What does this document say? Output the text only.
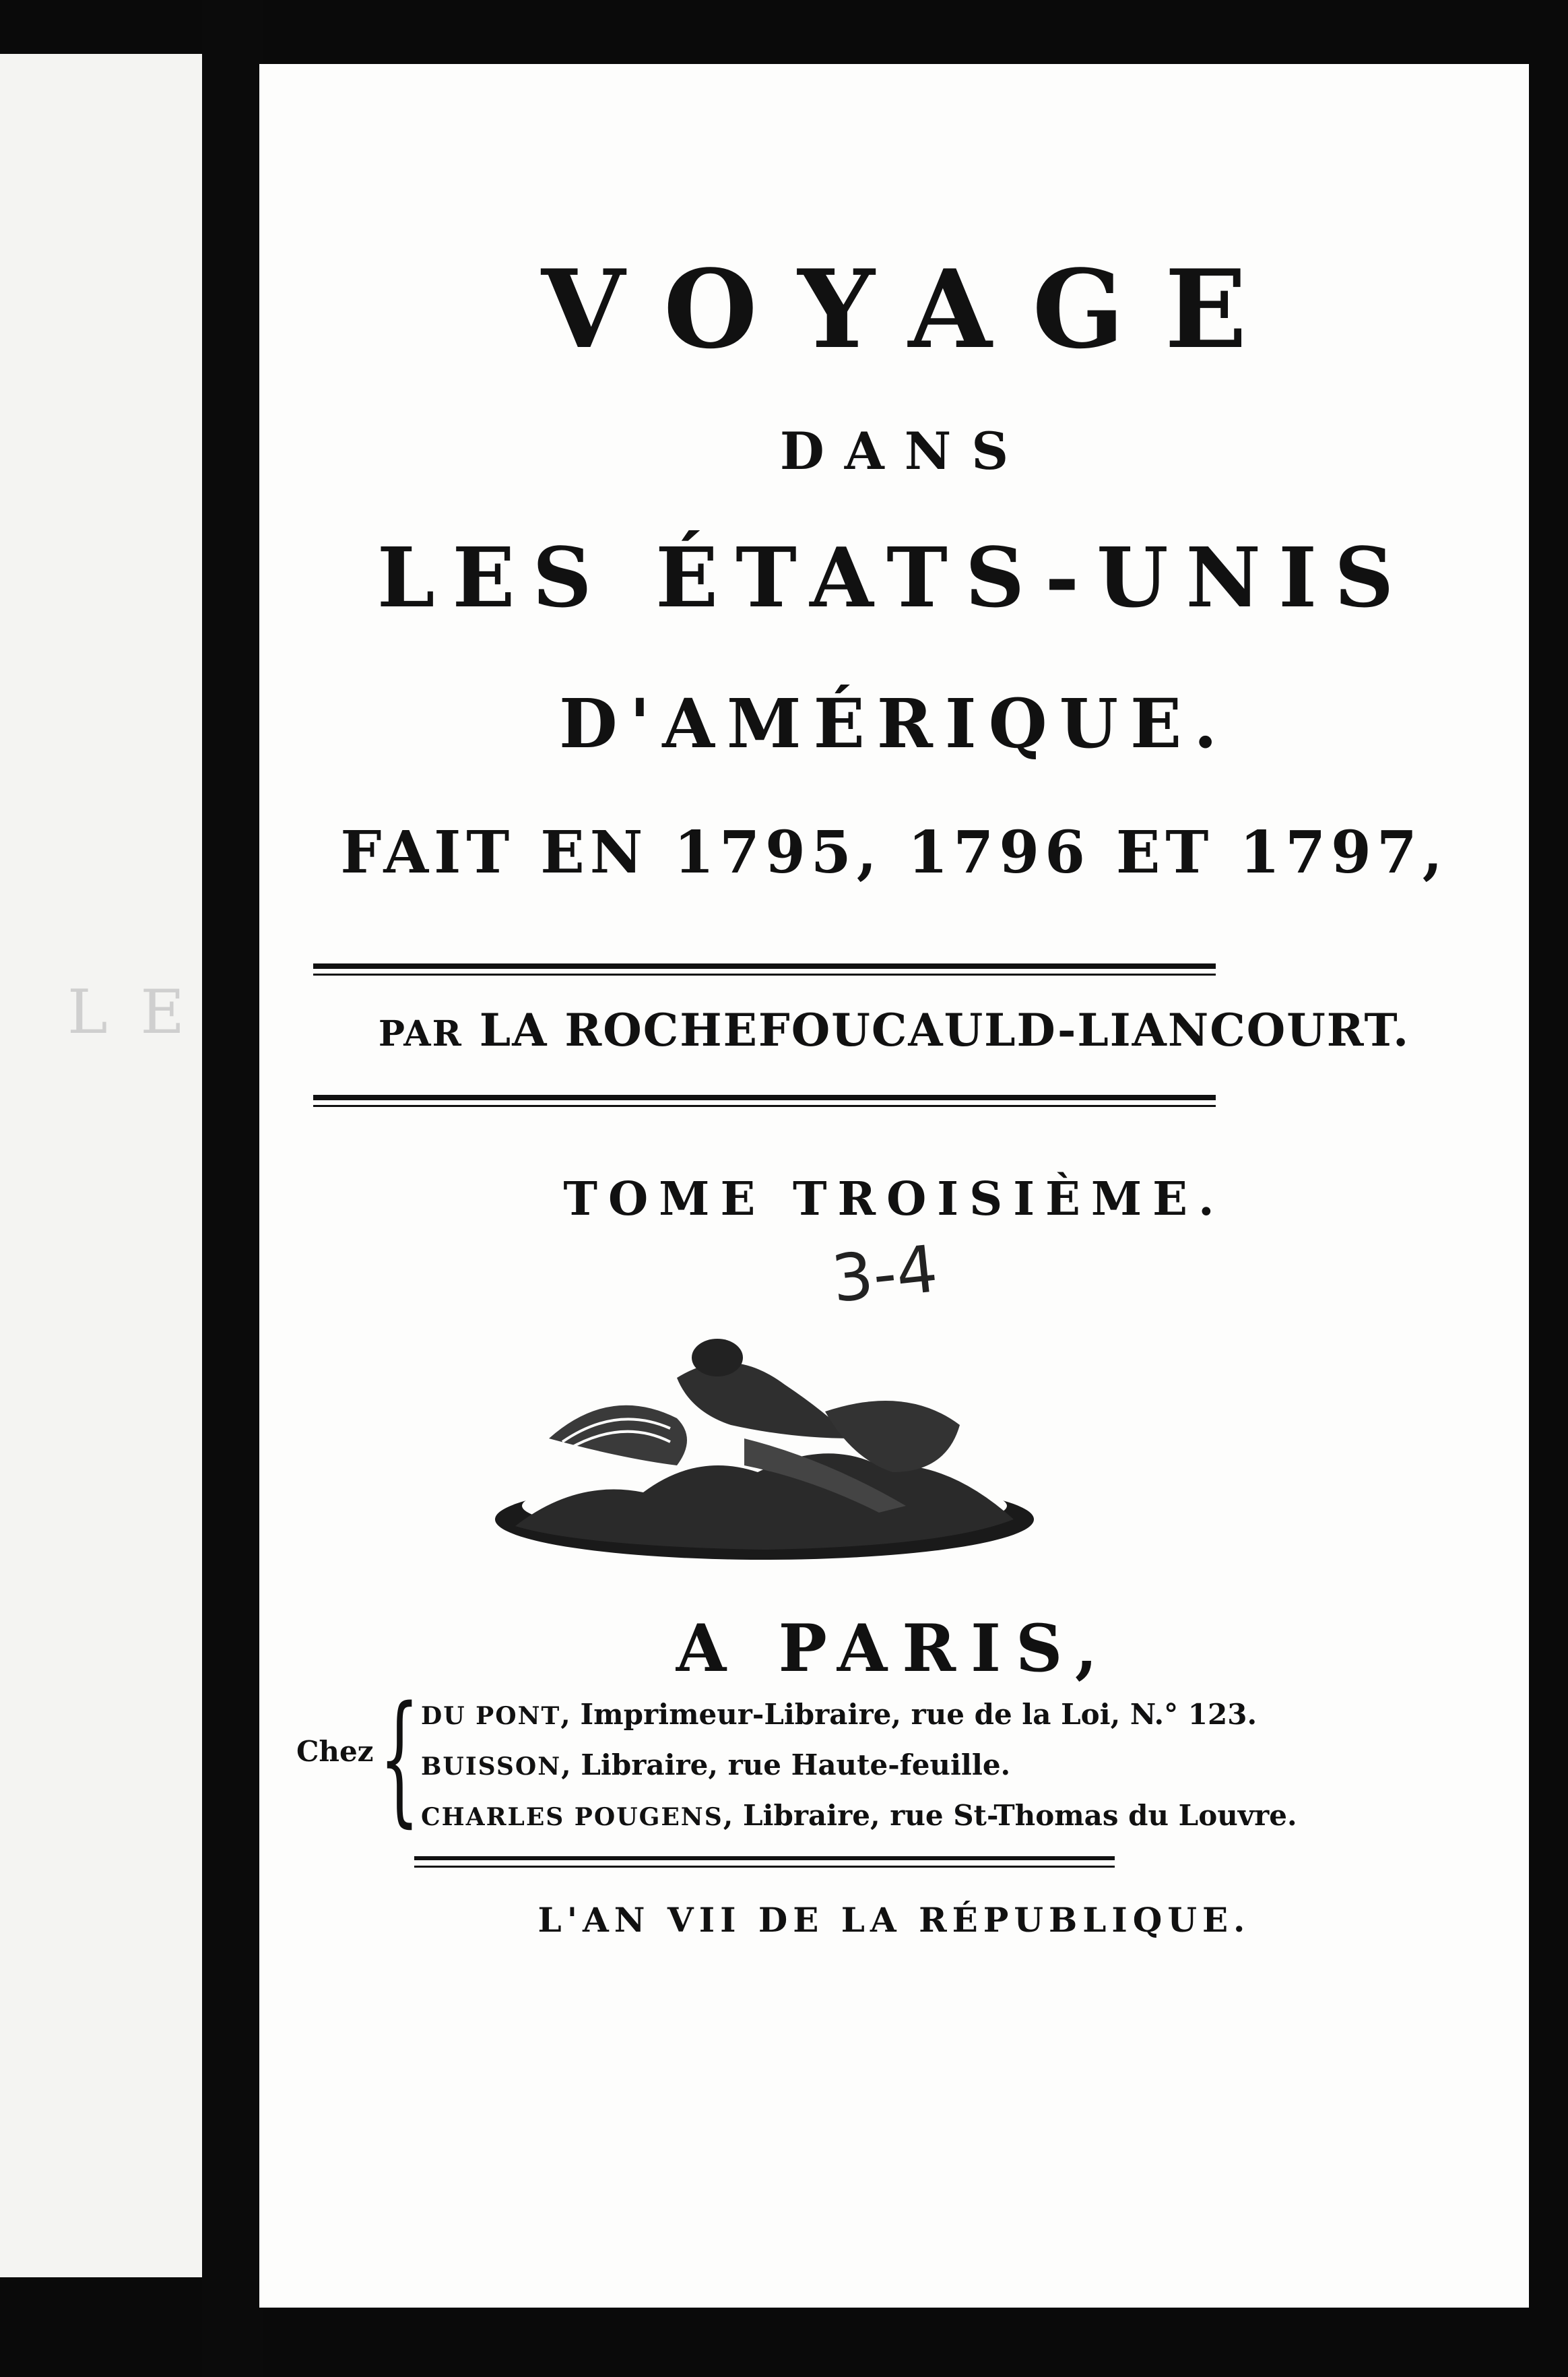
L E
VOYAGE
DANS
LES ÉTATS-UNIS
D'AMÉRIQUE.
FAIT EN 1795, 1796 ET 1797,
PAR LA ROCHEFOUCAULD-LIANCOURT.
TOME TROISIÈME.
3-4
A PARIS,
Chez { DU PONT, Imprimeur-Libraire, rue de la Loi, N.° 123.
BUISSON, Libraire, rue Haute-feuille.
CHARLES POUGENS, Libraire, rue St-Thomas du Louvre.
L'AN VII DE LA RÉPUBLIQUE.
